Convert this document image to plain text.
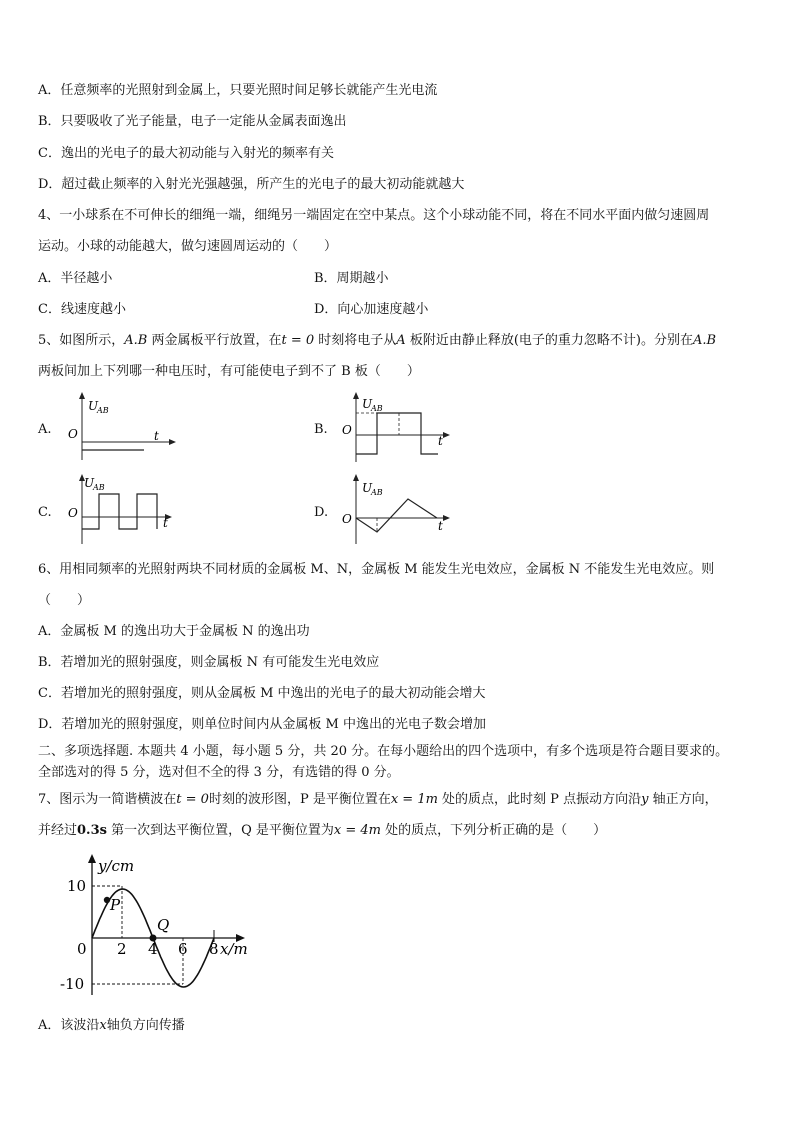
A．任意频率的光照射到金属上，只要光照时间足够长就能产生光电流
B．只要吸收了光子能量，电子一定能从金属表面逸出
C．逸出的光电子的最大初动能与入射光的频率有关
D．超过截止频率的入射光光强越强，所产生的光电子的最大初动能就越大
4、一小球系在不可伸长的细绳一端，细绳另一端固定在空中某点。这个小球动能不同，将在不同水平面内做匀速圆周
运动。小球的动能越大，做匀速圆周运动的（　　）
A．半径越小	B．周期越小
C．线速度越小	D．向心加速度越小
5、如图所示，A.B 两金属板平行放置，在t = 0 时刻将电子从A 板附近由静止释放(电子的重力忽略不计)。分别在A.B
两板间加上下列哪一种电压时，有可能使电子到不了 B 板（　　）
A.	B.
C.	D.
U
AB
O	t
U
AB
O
t
U
AB
O
t
U
AB
O	t
6、用相同频率的光照射两块不同材质的金属板 M、N，金属板 M 能发生光电效应，金属板 N 不能发生光电效应。则
（　　）
A．金属板 M 的逸出功大于金属板 N 的逸出功
B．若增加光的照射强度，则金属板 N 有可能发生光电效应
C．若增加光的照射强度，则从金属板 M 中逸出的光电子的最大初动能会增大
D．若增加光的照射强度，则单位时间内从金属板 M 中逸出的光电子数会增加
二、多项选择题. 本题共 4 小题，每小题 5 分，共 20 分。在每小题给出的四个选项中，有多个选项是符合题目要求的。
全部选对的得 5 分，选对但不全的得 3 分，有选错的得 0 分。
7、图示为一简谐横波在t = 0时刻的波形图，P 是平衡位置在x = 1m 处的质点，此时刻 P 点振动方向沿y 轴正方向，
并经过0.3s 第一次到达平衡位置，Q 是平衡位置为x = 4m 处的质点，下列分析正确的是（　　）
y/cm
x/m
10
-10
0 2 4 6 8
P
Q
A．该波沿x轴负方向传播
